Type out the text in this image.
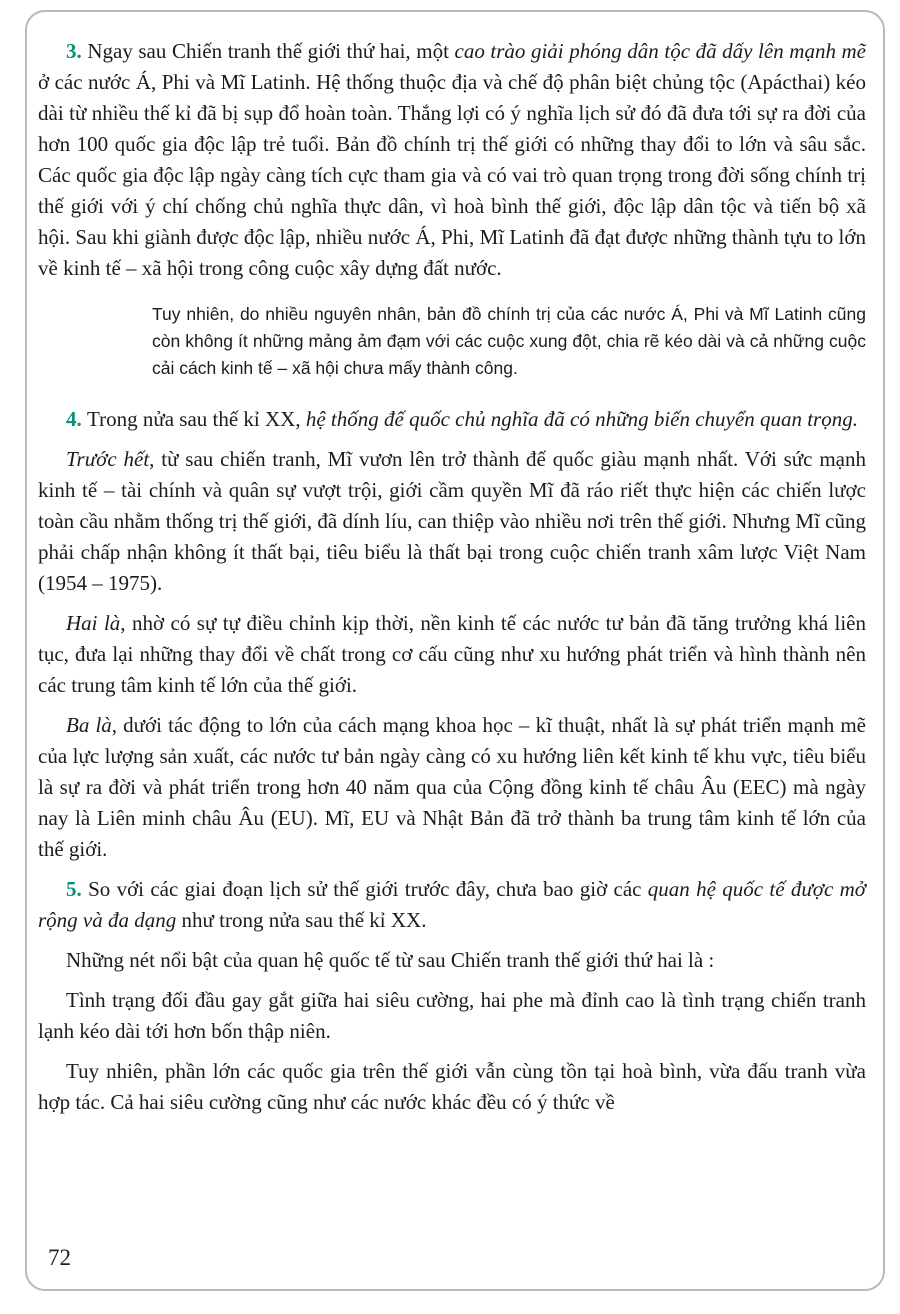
3. Ngay sau Chiến tranh thế giới thứ hai, một cao trào giải phóng dân tộc đã dấy lên mạnh mẽ ở các nước Á, Phi và Mĩ Latinh. Hệ thống thuộc địa và chế độ phân biệt chủng tộc (Apácthai) kéo dài từ nhiều thế kỉ đã bị sụp đổ hoàn toàn. Thắng lợi có ý nghĩa lịch sử đó đã đưa tới sự ra đời của hơn 100 quốc gia độc lập trẻ tuổi. Bản đồ chính trị thế giới có những thay đổi to lớn và sâu sắc. Các quốc gia độc lập ngày càng tích cực tham gia và có vai trò quan trọng trong đời sống chính trị thế giới với ý chí chống chủ nghĩa thực dân, vì hoà bình thế giới, độc lập dân tộc và tiến bộ xã hội. Sau khi giành được độc lập, nhiều nước Á, Phi, Mĩ Latinh đã đạt được những thành tựu to lớn về kinh tế – xã hội trong công cuộc xây dựng đất nước.

Tuy nhiên, do nhiều nguyên nhân, bản đồ chính trị của các nước Á, Phi và Mĩ Latinh cũng còn không ít những mảng ảm đạm với các cuộc xung đột, chia rẽ kéo dài và cả những cuộc cải cách kinh tế – xã hội chưa mấy thành công.

4. Trong nửa sau thế kỉ XX, hệ thống đế quốc chủ nghĩa đã có những biến chuyển quan trọng.

Trước hết, từ sau chiến tranh, Mĩ vươn lên trở thành đế quốc giàu mạnh nhất. Với sức mạnh kinh tế – tài chính và quân sự vượt trội, giới cầm quyền Mĩ đã ráo riết thực hiện các chiến lược toàn cầu nhằm thống trị thế giới, đã dính líu, can thiệp vào nhiều nơi trên thế giới. Nhưng Mĩ cũng phải chấp nhận không ít thất bại, tiêu biểu là thất bại trong cuộc chiến tranh xâm lược Việt Nam (1954 – 1975).

Hai là, nhờ có sự tự điều chỉnh kịp thời, nền kinh tế các nước tư bản đã tăng trưởng khá liên tục, đưa lại những thay đổi về chất trong cơ cấu cũng như xu hướng phát triển và hình thành nên các trung tâm kinh tế lớn của thế giới.

Ba là, dưới tác động to lớn của cách mạng khoa học – kĩ thuật, nhất là sự phát triển mạnh mẽ của lực lượng sản xuất, các nước tư bản ngày càng có xu hướng liên kết kinh tế khu vực, tiêu biểu là sự ra đời và phát triển trong hơn 40 năm qua của Cộng đồng kinh tế châu Âu (EEC) mà ngày nay là Liên minh châu Âu (EU). Mĩ, EU và Nhật Bản đã trở thành ba trung tâm kinh tế lớn của thế giới.

5. So với các giai đoạn lịch sử thế giới trước đây, chưa bao giờ các quan hệ quốc tế được mở rộng và đa dạng như trong nửa sau thế kỉ XX.

Những nét nổi bật của quan hệ quốc tế từ sau Chiến tranh thế giới thứ hai là :

Tình trạng đối đầu gay gắt giữa hai siêu cường, hai phe mà đỉnh cao là tình trạng chiến tranh lạnh kéo dài tới hơn bốn thập niên.

Tuy nhiên, phần lớn các quốc gia trên thế giới vẫn cùng tồn tại hoà bình, vừa đấu tranh vừa hợp tác. Cả hai siêu cường cũng như các nước khác đều có ý thức về

72
